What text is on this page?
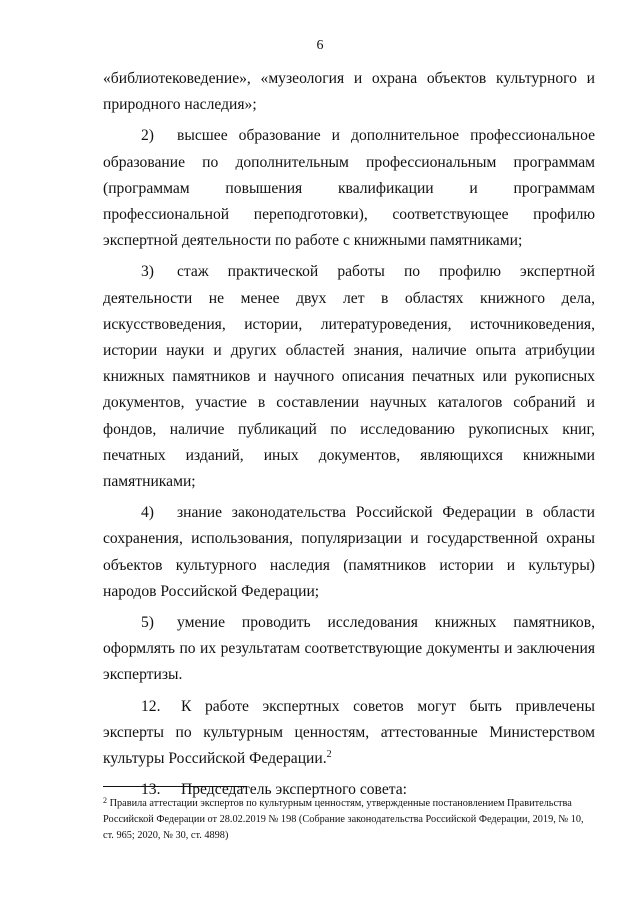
6

«библиотековедение», «музеология и охрана объектов культурного и природного наследия»;

2) высшее образование и дополнительное профессиональное образование по дополнительным профессиональным программам (программам повышения квалификации и программам профессиональной переподготовки), соответствующее профилю экспертной деятельности по работе с книжными памятниками;

3) стаж практической работы по профилю экспертной деятельности не менее двух лет в областях книжного дела, искусствоведения, истории, литературоведения, источниковедения, истории науки и других областей знания, наличие опыта атрибуции книжных памятников и научного описания печатных или рукописных документов, участие в составлении научных каталогов собраний и фондов, наличие публикаций по исследованию рукописных книг, печатных изданий, иных документов, являющихся книжными памятниками;

4) знание законодательства Российской Федерации в области сохранения, использования, популяризации и государственной охраны объектов культурного наследия (памятников истории и культуры) народов Российской Федерации;

5) умение проводить исследования книжных памятников, оформлять по их результатам соответствующие документы и заключения экспертизы.

12. К работе экспертных советов могут быть привлечены эксперты по культурным ценностям, аттестованные Министерством культуры Российской Федерации.$^2$

13. Председатель экспертного совета:

$^2$ Правила аттестации экспертов по культурным ценностям, утвержденные постановлением Правительства Российской Федерации от 28.02.2019 № 198 (Собрание законодательства Российской Федерации, 2019, № 10, ст. 965; 2020, № 30, ст. 4898)
